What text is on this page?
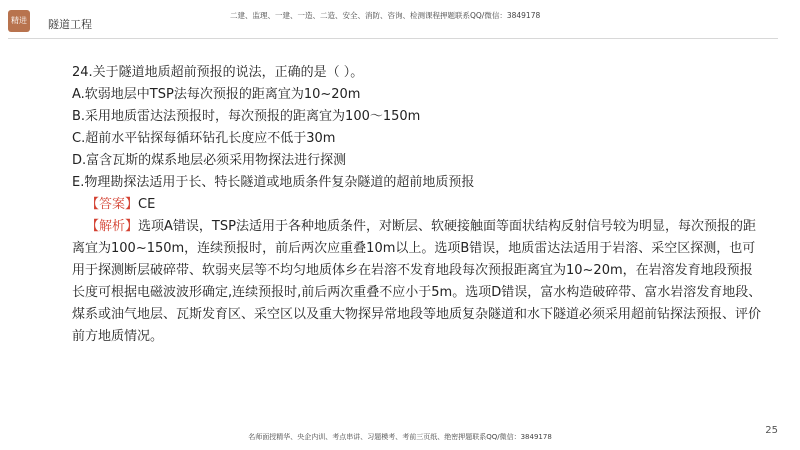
精进 隧道工程
二建、监理、一建、一造、二造、安全、消防、咨询、检测课程押题联系QQ/微信：3849178
24.关于隧道地质超前预报的说法，正确的是（ ）。
A.软弱地层中TSP法每次预报的距离宜为10~20m
B.采用地质雷达法预报时，每次预报的距离宜为100～150m
C.超前水平钻探每循环钻孔长度应不低于30m
D.富含瓦斯的煤系地层必须采用物探法进行探测
E.物理勘探法适用于长、特长隧道或地质条件复杂隧道的超前地质预报
【答案】CE
【解析】选项A错误，TSP法适用于各种地质条件，对断层、软硬接触面等面状结构反射信号较为明显，每次预报的距离宜为100~150m，连续预报时，前后两次应重叠10m以上。选项B错误，地质雷达法适用于岩溶、采空区探测，也可用于探测断层破碎带、软弱夹层等不均匀地质体乡在岩溶不发育地段每次预报距离宜为10~20m，在岩溶发育地段预报长度可根据电磁波波形确定,连续预报时,前后两次重叠不应小于5m。选项D错误，富水构造破碎带、富水岩溶发育地段、煤系或油气地层、瓦斯发育区、采空区以及重大物探异常地段等地质复杂隧道和水下隧道必须采用超前钻探法预报、评价前方地质情况。
25
名师面授精华、央企内训、考点串讲、习题模考、考前三页纸、绝密押题联系QQ/微信：3849178
